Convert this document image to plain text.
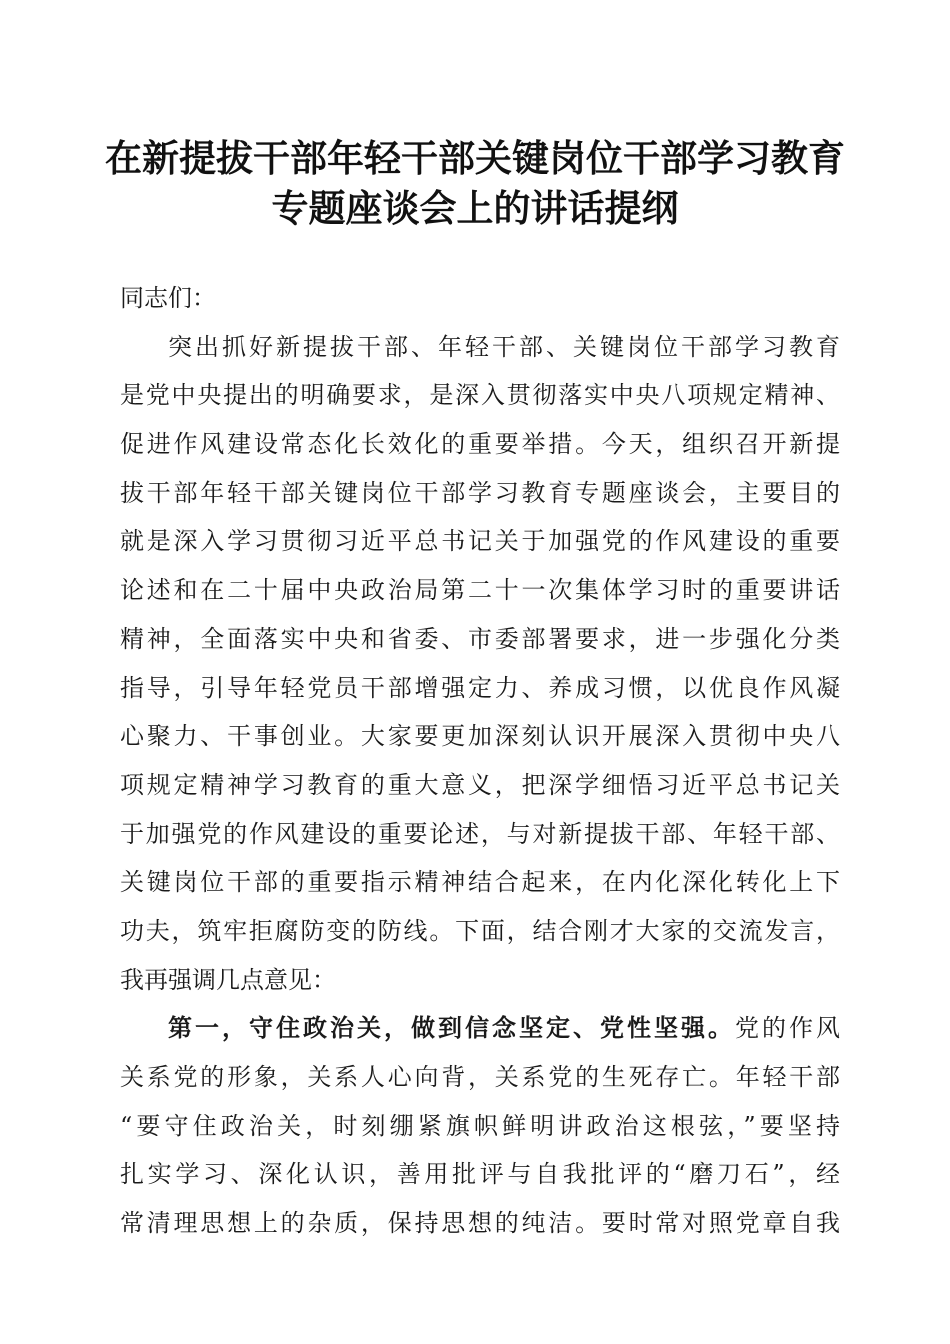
在新提拔干部年轻干部关键岗位干部学习教育
专题座谈会上的讲话提纲
同志们：
突出抓好新提拔干部、年轻干部、关键岗位干部学习教育
是党中央提出的明确要求，是深入贯彻落实中央八项规定精神、
促进作风建设常态化长效化的重要举措。今天，组织召开新提
拔干部年轻干部关键岗位干部学习教育专题座谈会，主要目的
就是深入学习贯彻习近平总书记关于加强党的作风建设的重要
论述和在二十届中央政治局第二十一次集体学习时的重要讲话
精神，全面落实中央和省委、市委部署要求，进一步强化分类
指导，引导年轻党员干部增强定力、养成习惯，以优良作风凝
心聚力、干事创业。大家要更加深刻认识开展深入贯彻中央八
项规定精神学习教育的重大意义，把深学细悟习近平总书记关
于加强党的作风建设的重要论述，与对新提拔干部、年轻干部、
关键岗位干部的重要指示精神结合起来，在内化深化转化上下
功夫，筑牢拒腐防变的防线。下面，结合刚才大家的交流发言，
我再强调几点意见：
第一，守住政治关，做到信念坚定、党性坚强。党的作风
关系党的形象，关系人心向背，关系党的生死存亡。年轻干部
“要守住政治关，时刻绷紧旗帜鲜明讲政治这根弦，”要坚持
扎实学习、深化认识，善用批评与自我批评的“磨刀石”，经
常清理思想上的杂质，保持思想的纯洁。要时常对照党章自我
